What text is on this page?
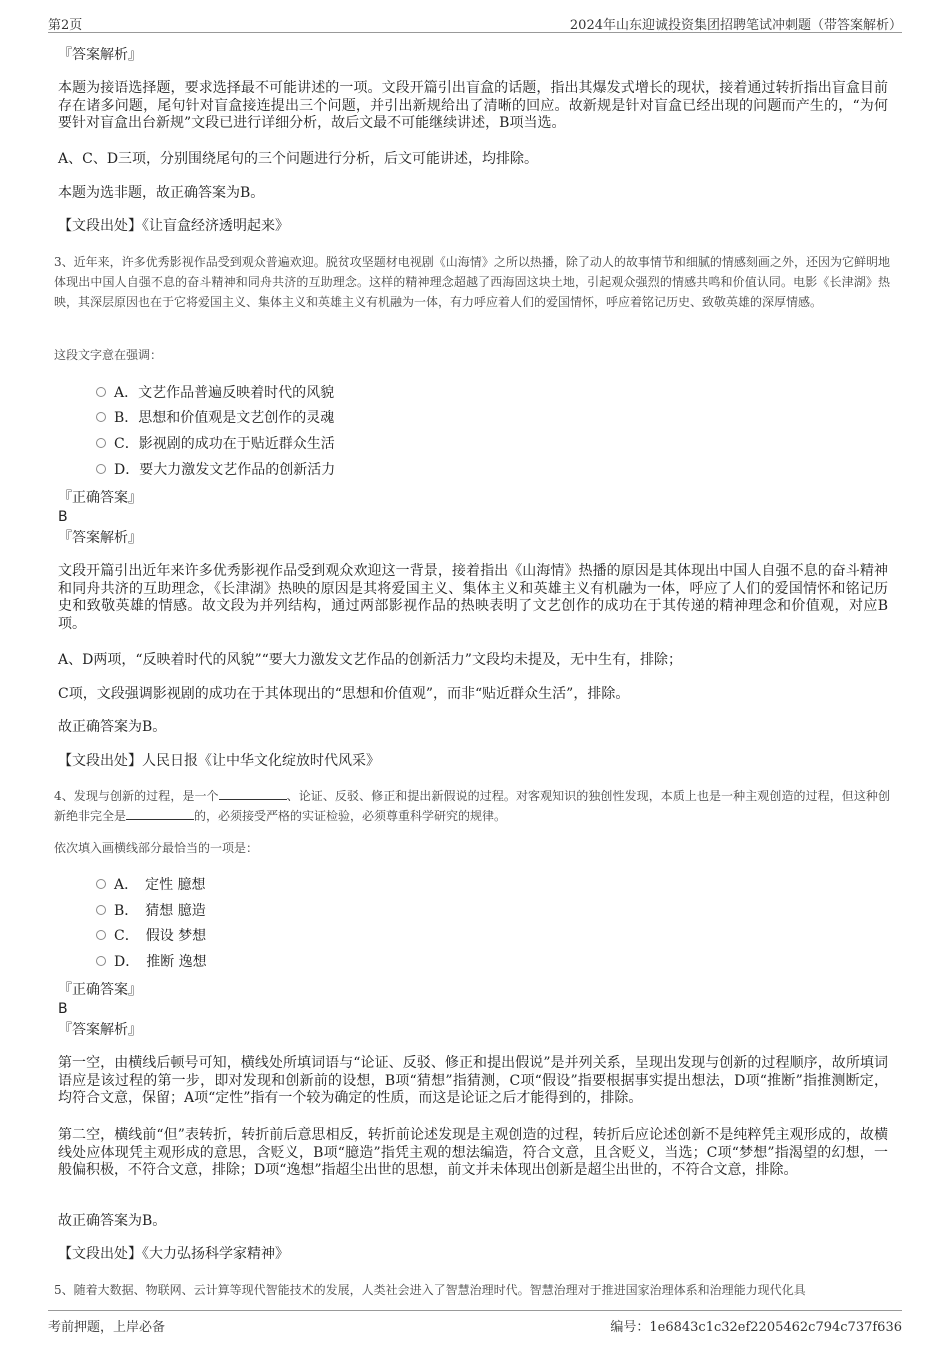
第2页	2024年山东迎诚投资集团招聘笔试冲刺题（带答案解析）
『答案解析』
本题为接语选择题，要求选择最不可能讲述的一项。文段开篇引出盲盒的话题，指出其爆发式增长的现状，接着通过转折指出盲盒目前存在诸多问题，尾句针对盲盒接连提出三个问题，并引出新规给出了清晰的回应。故新规是针对盲盒已经出现的问题而产生的，“为何要针对盲盒出台新规”文段已进行详细分析，故后文最不可能继续讲述，B项当选。
A、C、D三项，分别围绕尾句的三个问题进行分析，后文可能讲述，均排除。
本题为选非题，故正确答案为B。
【文段出处】《让盲盒经济透明起来》
3、近年来，许多优秀影视作品受到观众普遍欢迎。脱贫攻坚题材电视剧《山海情》之所以热播，除了动人的故事情节和细腻的情感刻画之外，还因为它鲜明地体现出中国人自强不息的奋斗精神和同舟共济的互助理念。这样的精神理念超越了西海固这块土地，引起观众强烈的情感共鸣和价值认同。电影《长津湖》热映，其深层原因也在于它将爱国主义、集体主义和英雄主义有机融为一体，有力呼应着人们的爱国情怀，呼应着铭记历史、致敬英雄的深厚情感。
这段文字意在强调：
A．文艺作品普遍反映着时代的风貌
B．思想和价值观是文艺创作的灵魂
C．影视剧的成功在于贴近群众生活
D．要大力激发文艺作品的创新活力
『正确答案』
B
『答案解析』
文段开篇引出近年来许多优秀影视作品受到观众欢迎这一背景，接着指出《山海情》热播的原因是其体现出中国人自强不息的奋斗精神和同舟共济的互助理念，《长津湖》热映的原因是其将爱国主义、集体主义和英雄主义有机融为一体，呼应了人们的爱国情怀和铭记历史和致敬英雄的情感。故文段为并列结构，通过两部影视作品的热映表明了文艺创作的成功在于其传递的精神理念和价值观，对应B项。
A、D两项，“反映着时代的风貌”“要大力激发文艺作品的创新活力”文段均未提及，无中生有，排除；
C项，文段强调影视剧的成功在于其体现出的“思想和价值观”，而非“贴近群众生活”，排除。
故正确答案为B。
【文段出处】人民日报《让中华文化绽放时代风采》
4、发现与创新的过程，是一个	、论证、反驳、修正和提出新假说的过程。对客观知识的独创性发现，本质上也是一种主观创造的过程，但这种创新绝非完全是	的，必须接受严格的实证检验，必须尊重科学研究的规律。
依次填入画横线部分最恰当的一项是：
A．　定性 臆想
B．　猜想 臆造
C．　假设 梦想
D．　推断 逸想
『正确答案』
B
『答案解析』
第一空，由横线后顿号可知，横线处所填词语与“论证、反驳、修正和提出假说”是并列关系，呈现出发现与创新的过程顺序，故所填词语应是该过程的第一步，即对发现和创新前的设想，B项“猜想”指猜测，C项“假设”指要根据事实提出想法，D项“推断”指推测断定，均符合文意，保留；A项“定性”指有一个较为确定的性质，而这是论证之后才能得到的，排除。
第二空，横线前“但”表转折，转折前后意思相反，转折前论述发现是主观创造的过程，转折后应论述创新不是纯粹凭主观形成的，故横线处应体现凭主观形成的意思，含贬义，B项“臆造”指凭主观的想法编造，符合文意，且含贬义，当选；C项“梦想”指渴望的幻想，一般偏积极，不符合文意，排除；D项“逸想”指超尘出世的思想，前文并未体现出创新是超尘出世的，不符合文意，排除。
故正确答案为B。
【文段出处】《大力弘扬科学家精神》
5、随着大数据、物联网、云计算等现代智能技术的发展，人类社会进入了智慧治理时代。智慧治理对于推进国家治理体系和治理能力现代化具
考前押题，上岸必备	编号：1e6843c1c32ef2205462c794c737f636
